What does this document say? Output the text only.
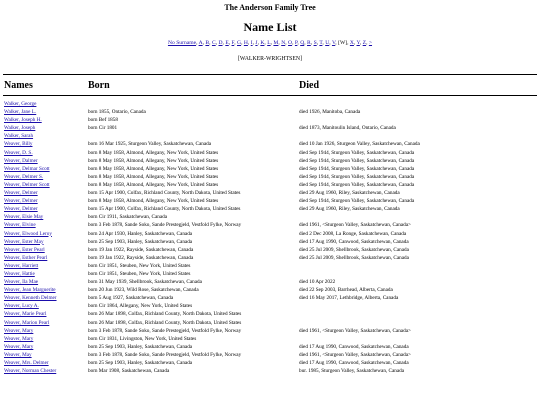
The Anderson Family Tree
Name List
No Surname, A, B, C, D, E, F, G, H, I, J, K, L, M, N, O, P, Q, R, S, T, U, V, [W], X, Y, Z, >
[WALKER-WRIGHTSEN]
Names	Born	Died
Walker, George
Walker, Jane L.	born 1855, Ontario, Canada	died 1926, Manitoba, Canada
Walker, Joseph H.	born Bef 1858
Walker, Joseph	born Cir 1801	died 1873, Manitoulin Island, Ontario, Canada
Walker, Sarah
Weaver, Billy	born 16 Mar 1925, Sturgeon Valley, Saskatchewan, Canada	died 10 Jan 1926, Sturgeon Valley, Saskatchewan, Canada
Weaver, D. S.	born 8 May 1858, Almond, Allegany, New York, United States	died Sep 1944, Sturgeon Valley, Saskatchewan, Canada
Weaver, Dalmer	born 8 May 1858, Almond, Allegany, New York, United States	died Sep 1944, Sturgeon Valley, Saskatchewan, Canada
Weaver, Delmar Scott	born 8 May 1858, Almond, Allegany, New York, United States	died Sep 1944, Sturgeon Valley, Saskatchewan, Canada
Weaver, Delmer S.	born 8 May 1858, Almond, Allegany, New York, United States	died Sep 1944, Sturgeon Valley, Saskatchewan, Canada
Weaver, Delmer Scott	born 8 May 1858, Almond, Allegany, New York, United States	died Sep 1944, Sturgeon Valley, Saskatchewan, Canada
Weaver, Delmer	born 15 Apr 1900, Colfax, Richland County, North Dakota, United States	died 29 Aug 1960, Riley, Saskatchewan, Canada
Weaver, Delmer	born 8 May 1858, Almond, Allegany, New York, United States	died Sep 1944, Sturgeon Valley, Saskatchewan, Canada
Weaver, Delmer	born 15 Apr 1900, Colfax, Richland County, North Dakota, United States	died 29 Aug 1960, Riley, Saskatchewan, Canada
Weaver, Elsie May	born Cir 1911, Saskatchewan, Canada
Weaver, Elvine	born 3 Feb 1878, Sande Soko, Sande Prestegjeld, Vestfold Fylke, Norway	died 1961, <Sturgeon Valley, Saskatchewan, Canada>
Weaver, Elwood Leroy	born 24 Apr 1930, Hanley, Saskatchewan, Canada	died 2 Dec 2008, La Ronge, Saskatchewan, Canada
Weaver, Ester May	born 25 Sep 1903, Hanley, Saskatchewan, Canada	died 17 Aug 1990, Canwood, Saskatchewan, Canada
Weaver, Ester Pearl	born 19 Jan 1922, Rayside, Saskatchewan, Canada	died 25 Jul 2009, Shellbrook, Saskatchewan, Canada
Weaver, Esther Pearl	born 19 Jan 1922, Rayside, Saskatchewan, Canada	died 25 Jul 2009, Shellbrook, Saskatchewan, Canada
Weaver, Harriett	born Cir 1851, Steuben, New York, United States
Weaver, Hattie	born Cir 1851, Steuben, New York, United States
Weaver, Ila Mae	born 31 May 1939, Shellbrook, Saskatchewan, Canada	died 10 Apr 2022
Weaver, Jean Marguerite	born 20 Jun 1923, Wild Rose, Saskatchewan, Canada	died 22 Sep 2003, Barrhead, Alberta, Canada
Weaver, Kenneth Delmer	born 5 Aug 1927, Saskatchewan, Canada	died 16 May 2017, Lethbridge, Alberta, Canada
Weaver, Lucy A.	born Cir 1864, Allegany, New York, United States
Weaver, Marie Pearl	born 26 Mar 1898, Colfax, Richland County, North Dakota, United States
Weaver, Marion Pearl	born 26 Mar 1898, Colfax, Richland County, North Dakota, United States
Weaver, Mary	born 3 Feb 1878, Sande Soko, Sande Prestegjeld, Vestfold Fylke, Norway	died 1961, <Sturgeon Valley, Saskatchewan, Canada>
Weaver, Mary	born Cir 1831, Livingston, New York, United States
Weaver, Mary	born 25 Sep 1903, Hanley, Saskatchewan, Canada	died 17 Aug 1990, Canwood, Saskatchewan, Canada
Weaver, May	born 3 Feb 1878, Sande Soko, Sande Prestegjeld, Vestfold Fylke, Norway	died 1961, <Sturgeon Valley, Saskatchewan, Canada>
Weaver, Mrs. Delmer	born 25 Sep 1903, Hanley, Saskatchewan, Canada	died 17 Aug 1990, Canwood, Saskatchewan, Canada
Weaver, Norman Chester	born Mar 1908, Saskatchewan, Canada	bur. 1985, Sturgeon Valley, Saskatchewan, Canada
